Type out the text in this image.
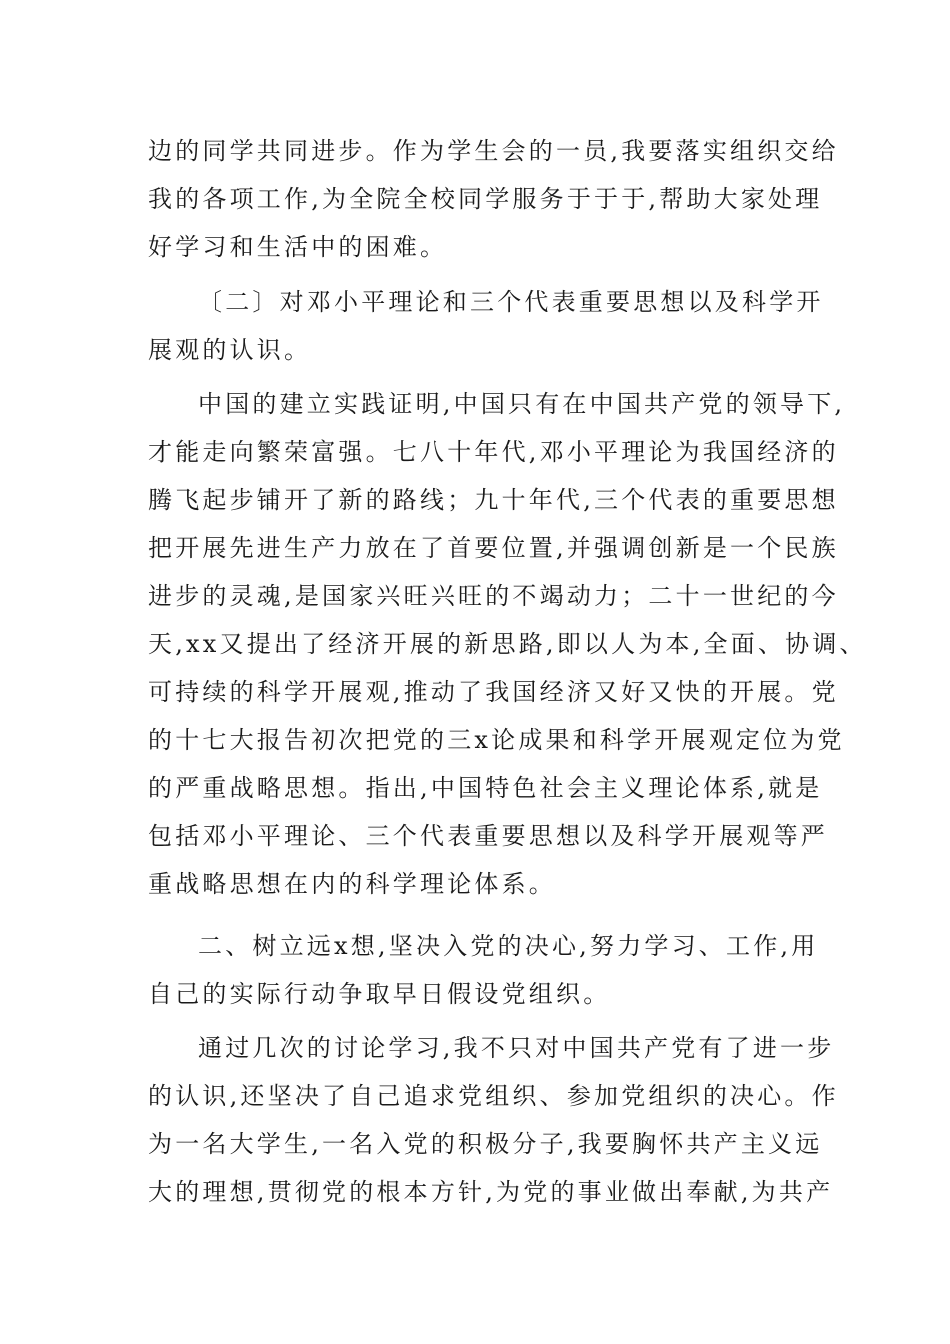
边的同学共同进步。作为学生会的一员,我要落实组织交给
我的各项工作,为全院全校同学服务于于于,帮助大家处理
好学习和生活中的困难。
〔二〕对邓小平理论和三个代表重要思想以及科学开
展观的认识。
中国的建立实践证明,中国只有在中国共产党的领导下,
才能走向繁荣富强。七八十年代,邓小平理论为我国经济的
腾飞起步铺开了新的路线；九十年代,三个代表的重要思想
把开展先进生产力放在了首要位置,并强调创新是一个民族
进步的灵魂,是国家兴旺兴旺的不竭动力；二十一世纪的今
天,xx又提出了经济开展的新思路,即以人为本,全面、协调、
可持续的科学开展观,推动了我国经济又好又快的开展。党
的十七大报告初次把党的三x论成果和科学开展观定位为党
的严重战略思想。指出,中国特色社会主义理论体系,就是
包括邓小平理论、三个代表重要思想以及科学开展观等严
重战略思想在内的科学理论体系。
二、树立远x想,坚决入党的决心,努力学习、工作,用
自己的实际行动争取早日假设党组织。
通过几次的讨论学习,我不只对中国共产党有了进一步
的认识,还坚决了自己追求党组织、参加党组织的决心。作
为一名大学生,一名入党的积极分子,我要胸怀共产主义远
大的理想,贯彻党的根本方针,为党的事业做出奉献,为共产
